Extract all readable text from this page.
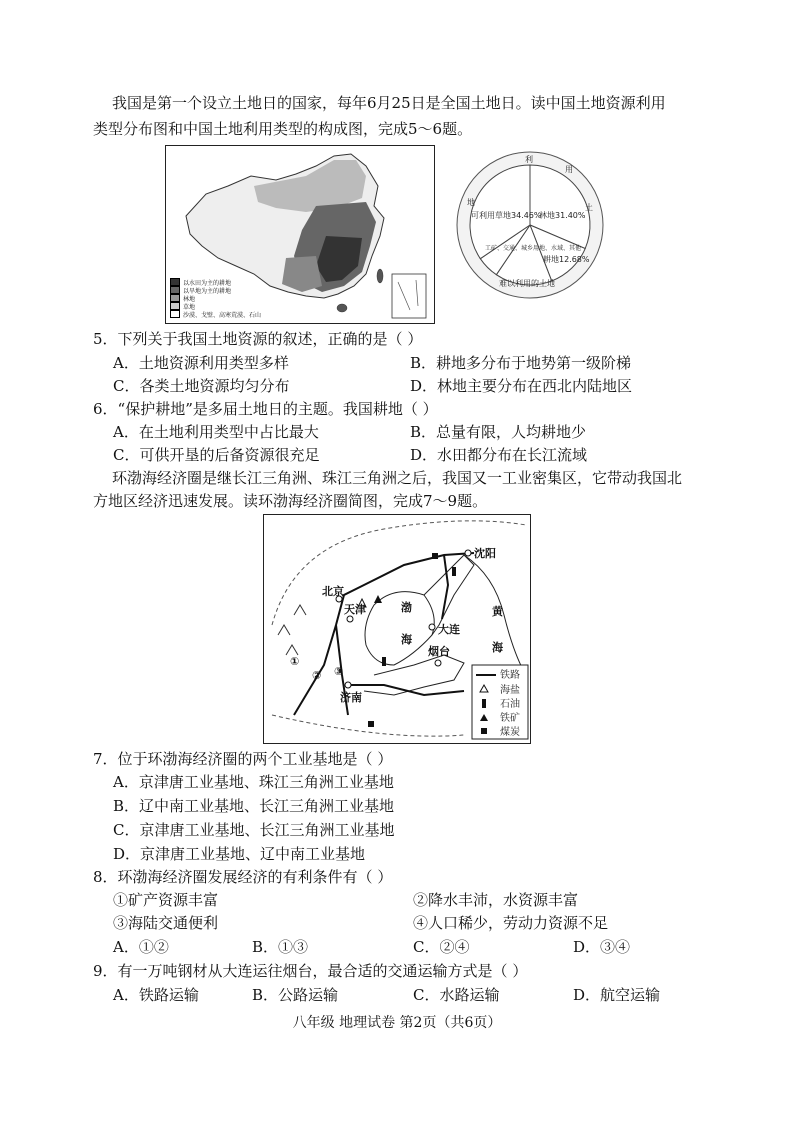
我国是第一个设立土地日的国家，每年6月25日是全国土地日。读中国土地资源利用
类型分布图和中国土地利用类型的构成图，完成5～6题。
以水田为主的耕地
以旱地为主的耕地
林地
草地
沙漠、戈壁、高寒荒漠、石山
利
用
土
地
可利用草地34.46%
林地31.40%
耕地12.68%
工矿、交通、城乡用地、水域、其他
难以利用的土地
5．下列关于我国土地资源的叙述，正确的是（ ）
A．土地资源利用类型多样	B．耕地多分布于地势第一级阶梯
C．各类土地资源均匀分布	D．林地主要分布在西北内陆地区
6．“保护耕地”是多届土地日的主题。我国耕地（ ）
A．在土地利用类型中占比最大	B．总量有限，人均耕地少
C．可供开垦的后备资源很充足	D．水田都分布在长江流域
环渤海经济圈是继长江三角洲、珠江三角洲之后，我国又一工业密集区，它带动我国北
方地区经济迅速发展。读环渤海经济圈简图，完成7～9题。
沈阳
北京
天津
大连
烟台
济南
渤
海
黄
海
①
② ③	铁路
海盐
石油
铁矿
煤炭
7．位于环渤海经济圈的两个工业基地是（ ）
A．京津唐工业基地、珠江三角洲工业基地
B．辽中南工业基地、长江三角洲工业基地
C．京津唐工业基地、长江三角洲工业基地
D．京津唐工业基地、辽中南工业基地
8．环渤海经济圈发展经济的有利条件有（ ）
①矿产资源丰富	②降水丰沛，水资源丰富
③海陆交通便利	④人口稀少，劳动力资源不足
A．①②	B．①③	C．②④	D．③④
9．有一万吨钢材从大连运往烟台，最合适的交通运输方式是（ ）
A．铁路运输	B．公路运输	C．水路运输	D．航空运输
八年级 地理试卷 第2页（共6页）
